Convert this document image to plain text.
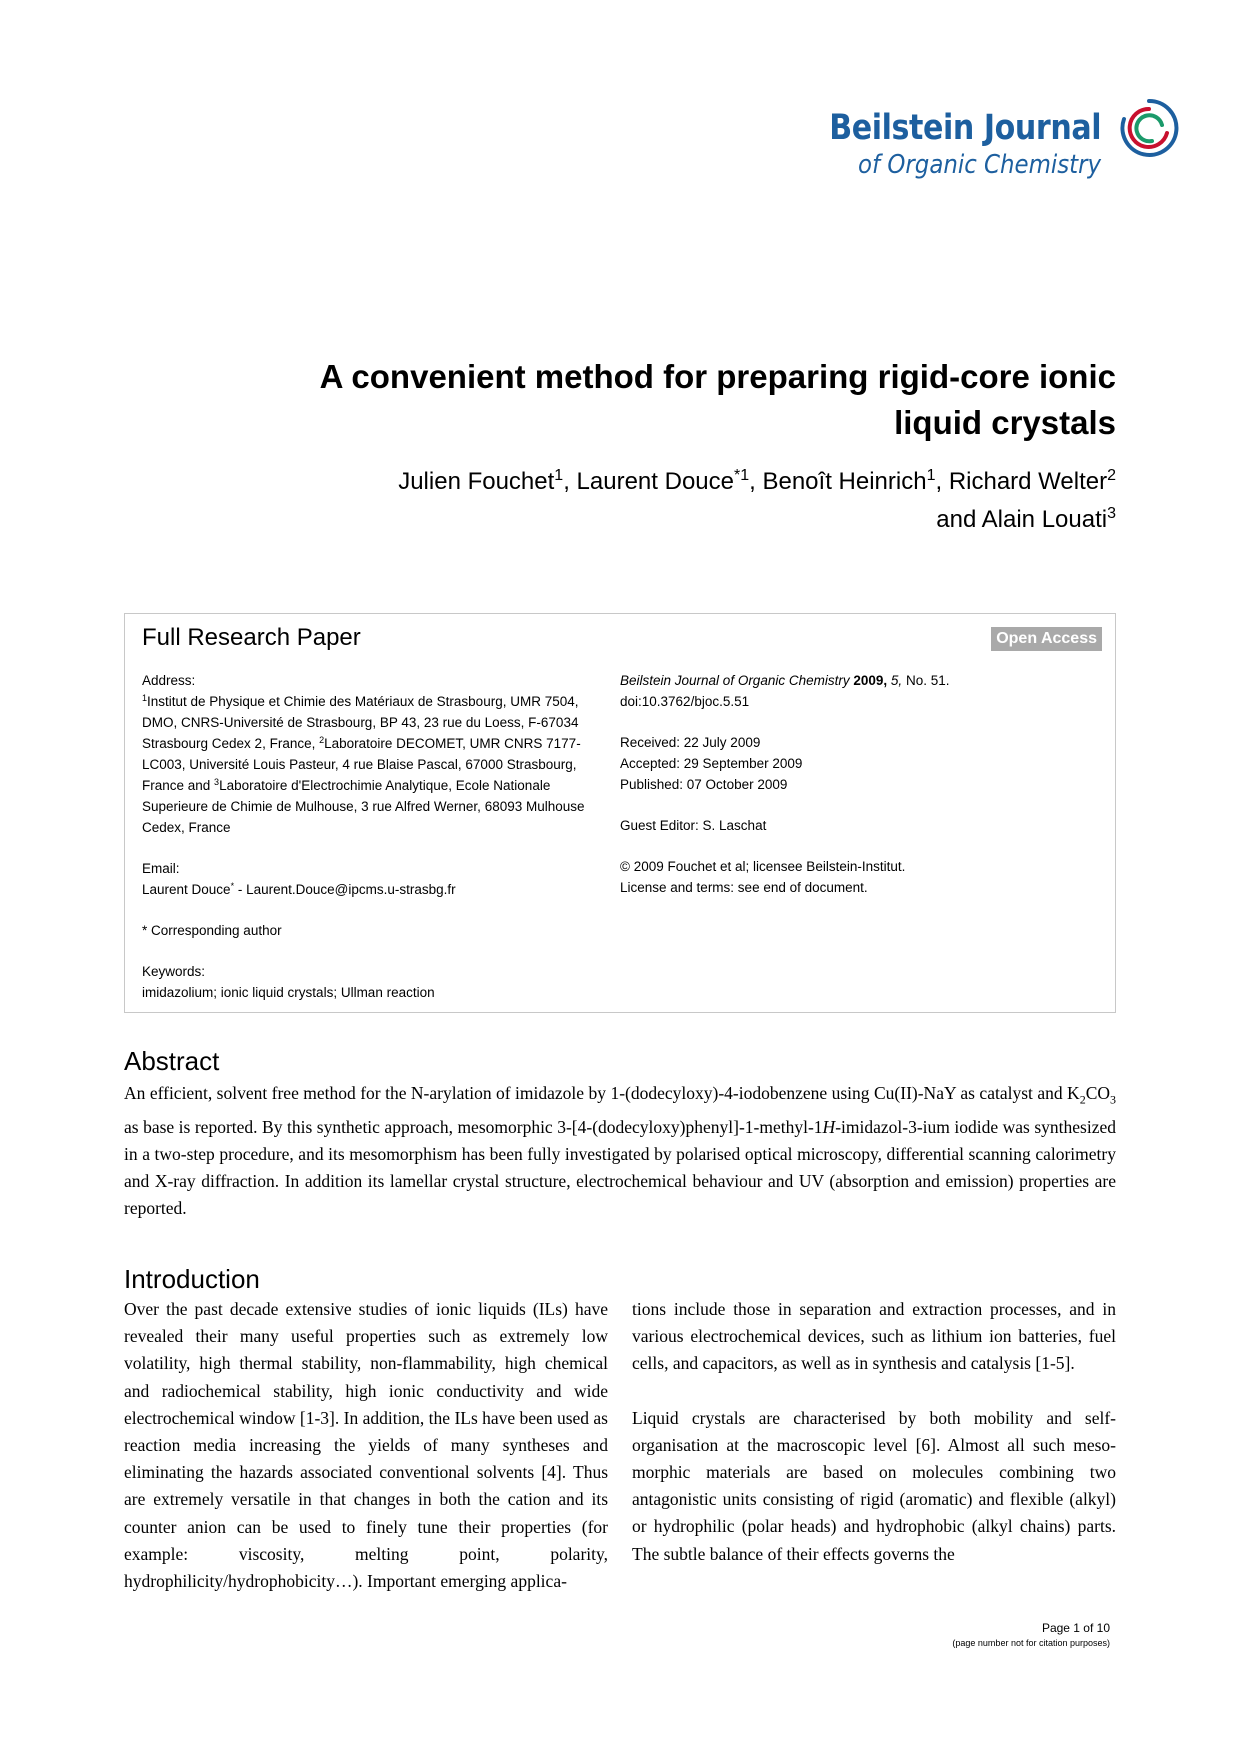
Beilstein Journal
of Organic Chemistry
A convenient method for preparing rigid-core ionic liquid crystals
Julien Fouchet$^1$, Laurent Douce$^{*1}$, Benoît Heinrich$^1$, Richard Welter$^2$
and Alain Louati$^3$
Full Research Paper	Open Access

Address:
$^1$Institut de Physique et Chimie des Matériaux de Strasbourg, UMR 7504, DMO, CNRS-Université de Strasbourg, BP 43, 23 rue du Loess, F-67034 Strasbourg Cedex 2, France, $^2$Laboratoire DECOMET, UMR CNRS 7177-LC003, Université Louis Pasteur, 4 rue Blaise Pascal, 67000 Strasbourg, France and $^3$Laboratoire d'Electrochimie Analytique, Ecole Nationale Superieure de Chimie de Mulhouse, 3 rue Alfred Werner, 68093 Mulhouse Cedex, France

Email:
Laurent Douce* - Laurent.Douce@ipcms.u-strasbg.fr

* Corresponding author

Keywords:
imidazolium; ionic liquid crystals; Ullman reaction

Beilstein Journal of Organic Chemistry 2009, 5, No. 51.
doi:10.3762/bjoc.5.51

Received: 22 July 2009
Accepted: 29 September 2009
Published: 07 October 2009

Guest Editor: S. Laschat

© 2009 Fouchet et al; licensee Beilstein-Institut.
License and terms: see end of document.

Abstract
An efficient, solvent free method for the N-arylation of imidazole by 1-(dodecyloxy)-4-iodobenzene using Cu(II)-NaY as catalyst and $K_2CO_3$ as base is reported. By this synthetic approach, mesomorphic 3-[4-(dodecyloxy)phenyl]-1-methyl-1H-imidazol-3-ium iodide was synthesized in a two-step procedure, and its mesomorphism has been fully investigated by polarised optical microscopy, differential scanning calorimetry and X-ray diffraction. In addition its lamellar crystal structure, electrochemical behaviour and UV (absorption and emission) properties are reported.
Introduction

Over the past decade extensive studies of ionic liquids (ILs) have revealed their many useful properties such as extremely low volatility, high thermal stability, non-flammability, high chemical and radiochemical stability, high ionic conductivity and wide electrochemical window [1-3]. In addition, the ILs have been used as reaction media increasing the yields of many syntheses and eliminating the hazards associated conventional solvents [4]. Thus are extremely versatile in that changes in both the cation and its counter anion can be used to finely tune their properties (for example: viscosity, melting point, polarity, hydrophilicity/hydrophobicity…). Important emerging applica-

tions include those in separation and extraction processes, and in various electrochemical devices, such as lithium ion batteries, fuel cells, and capacitors, as well as in synthesis and catalysis [1-5].

Liquid crystals are characterised by both mobility and self-organisation at the macroscopic level [6]. Almost all such meso-morphic materials are based on molecules combining two antagonistic units consisting of rigid (aromatic) and flexible (alkyl) or hydrophilic (polar heads) and hydrophobic (alkyl chains) parts. The subtle balance of their effects governs the

Page 1 of 10
(page number not for citation purposes)
